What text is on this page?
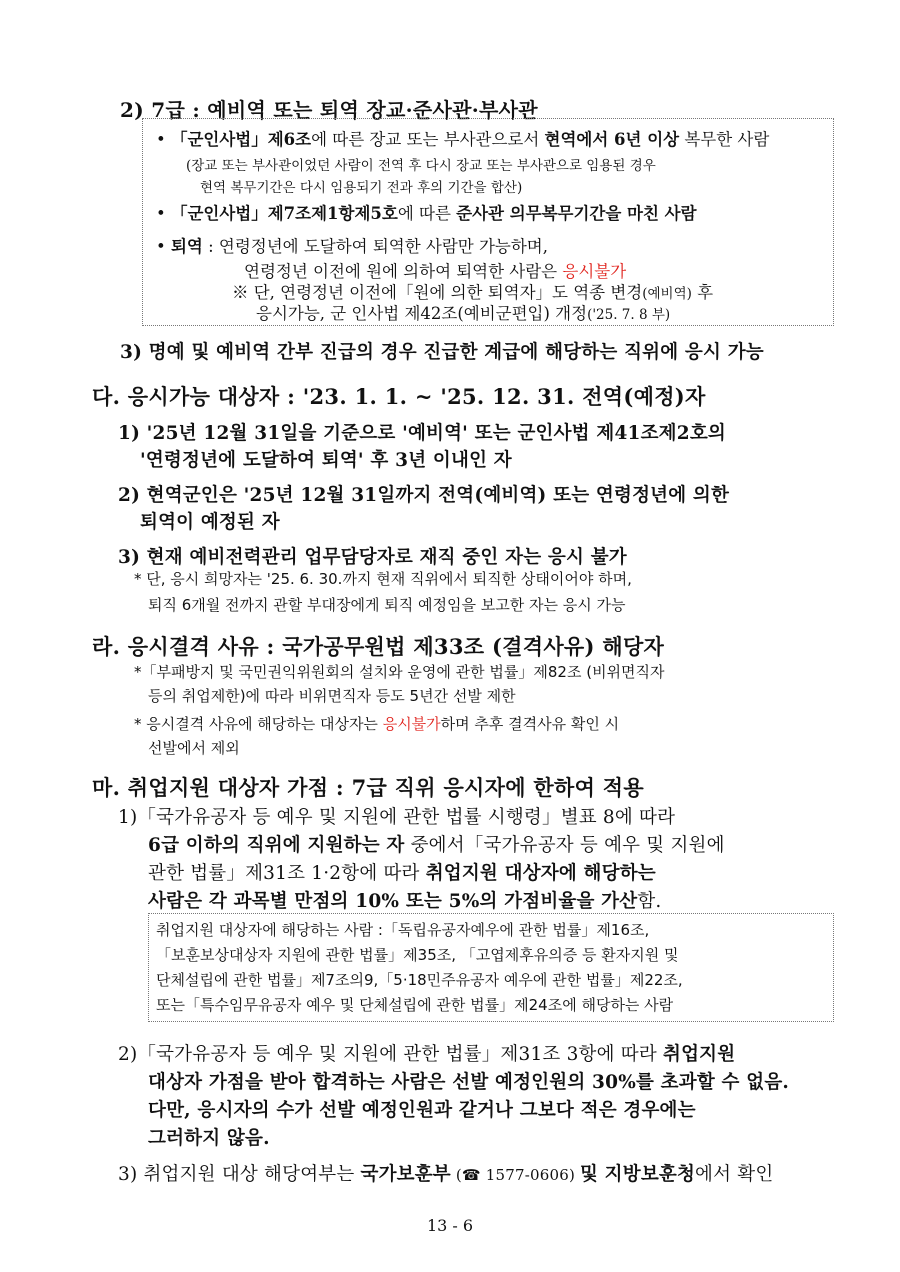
2) 7급 : 예비역 또는 퇴역 장교·준사관·부사관
• 「군인사법」제6조에 따른 장교 또는 부사관으로서 현역에서 6년 이상 복무한 사람
(장교 또는 부사관이었던 사람이 전역 후 다시 장교 또는 부사관으로 임용된 경우
현역 복무기간은 다시 임용되기 전과 후의 기간을 합산)
• 「군인사법」제7조제1항제5호에 따른 준사관 의무복무기간을 마친 사람
• 퇴역 : 연령정년에 도달하여 퇴역한 사람만 가능하며,
연령정년 이전에 원에 의하여 퇴역한 사람은 응시불가
※ 단, 연령정년 이전에「원에 의한 퇴역자」도 역종 변경(예비역) 후
응시가능, 군 인사법 제42조(예비군편입) 개정('25. 7. 8 부)
3) 명예 및 예비역 간부 진급의 경우 진급한 계급에 해당하는 직위에 응시 가능
다. 응시가능 대상자 : '23. 1. 1. ~ '25. 12. 31. 전역(예정)자
1) '25년 12월 31일을 기준으로 '예비역' 또는 군인사법 제41조제2호의
'연령정년에 도달하여 퇴역' 후 3년 이내인 자
2) 현역군인은 '25년 12월 31일까지 전역(예비역) 또는 연령정년에 의한
퇴역이 예정된 자
3) 현재 예비전력관리 업무담당자로 재직 중인 자는 응시 불가
* 단, 응시 희망자는 '25. 6. 30.까지 현재 직위에서 퇴직한 상태이어야 하며,
퇴직 6개월 전까지 관할 부대장에게 퇴직 예정임을 보고한 자는 응시 가능
라. 응시결격 사유 : 국가공무원법 제33조 (결격사유) 해당자
*「부패방지 및 국민권익위원회의 설치와 운영에 관한 법률」제82조 (비위면직자
등의 취업제한)에 따라 비위면직자 등도 5년간 선발 제한
* 응시결격 사유에 해당하는 대상자는 응시불가하며 추후 결격사유 확인 시
선발에서 제외
마. 취업지원 대상자 가점 : 7급 직위 응시자에 한하여 적용
1)「국가유공자 등 예우 및 지원에 관한 법률 시행령」별표 8에 따라
6급 이하의 직위에 지원하는 자 중에서「국가유공자 등 예우 및 지원에
관한 법률」제31조 1·2항에 따라 취업지원 대상자에 해당하는
사람은 각 과목별 만점의 10% 또는 5%의 가점비율을 가산함.
취업지원 대상자에 해당하는 사람 :「독립유공자예우에 관한 법률」제16조,
「보훈보상대상자 지원에 관한 법률」제35조, 「고엽제후유의증 등 환자지원 및
단체설립에 관한 법률」제7조의9,「5·18민주유공자 예우에 관한 법률」제22조,
또는「특수임무유공자 예우 및 단체설립에 관한 법률」제24조에 해당하는 사람
2)「국가유공자 등 예우 및 지원에 관한 법률」제31조 3항에 따라 취업지원
대상자 가점을 받아 합격하는 사람은 선발 예정인원의 30%를 초과할 수 없음.
다만, 응시자의 수가 선발 예정인원과 같거나 그보다 적은 경우에는
그러하지 않음.
3) 취업지원 대상 해당여부는 국가보훈부 (☎ 1577-0606) 및 지방보훈청에서 확인
13 - 6
